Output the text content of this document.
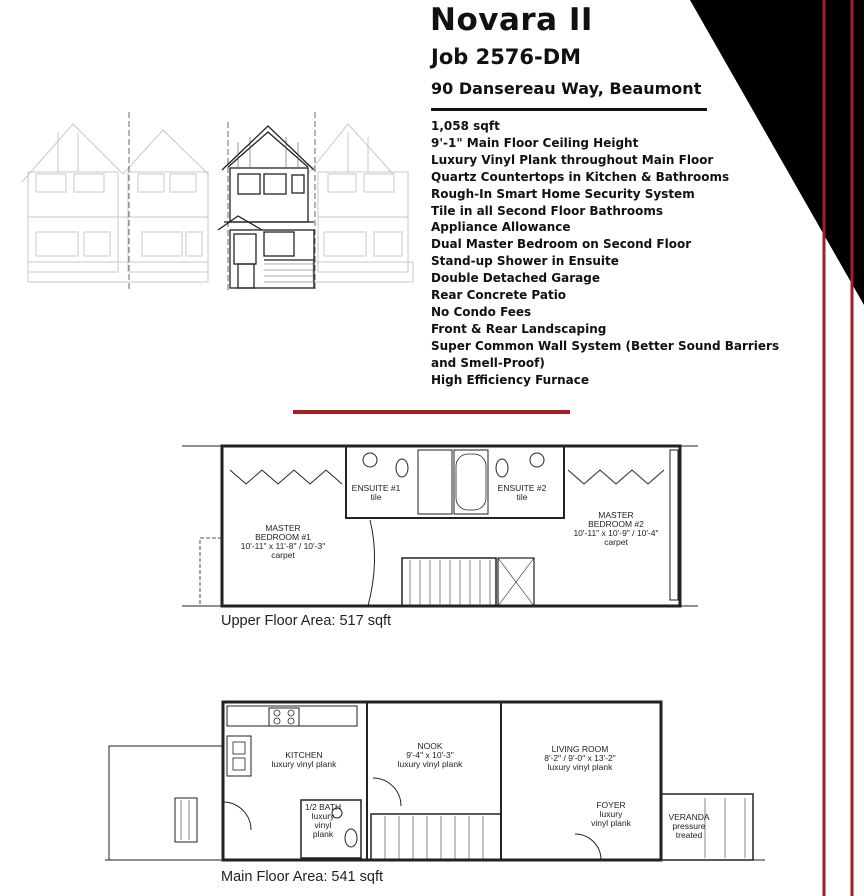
Novara II
Job 2576-DM
90 Dansereau Way, Beaumont
1,058 sqft
9'-1" Main Floor Ceiling Height
Luxury Vinyl Plank throughout Main Floor
Quartz Countertops in Kitchen & Bathrooms
Rough-In Smart Home Security System
Tile in all Second Floor Bathrooms
Appliance Allowance
Dual Master Bedroom on Second Floor
Stand-up Shower in Ensuite
Double Detached Garage
Rear Concrete Patio
No Condo Fees
Front & Rear Landscaping
Super Common Wall System (Better Sound Barriers and Smell-Proof)
High Efficiency Furnace
ENSUITE #1
tile
ENSUITE #2
tile
MASTER
BEDROOM #1
10'-11" x 11'-8" / 10'-3"
carpet
MASTER
BEDROOM #2
10'-11" x 10'-9" / 10'-4"
carpet
Upper Floor Area: 517 sqft
KITCHEN
luxury vinyl plank
NOOK
9'-4" x 10'-3"
luxury vinyl plank
LIVING ROOM
8'-2" / 9'-0" x 13'-2"
luxury vinyl plank
1/2 BATH
luxury
vinyl
plank
FOYER
luxury
vinyl plank
VERANDA
pressure
treated
Main Floor Area: 541 sqft
